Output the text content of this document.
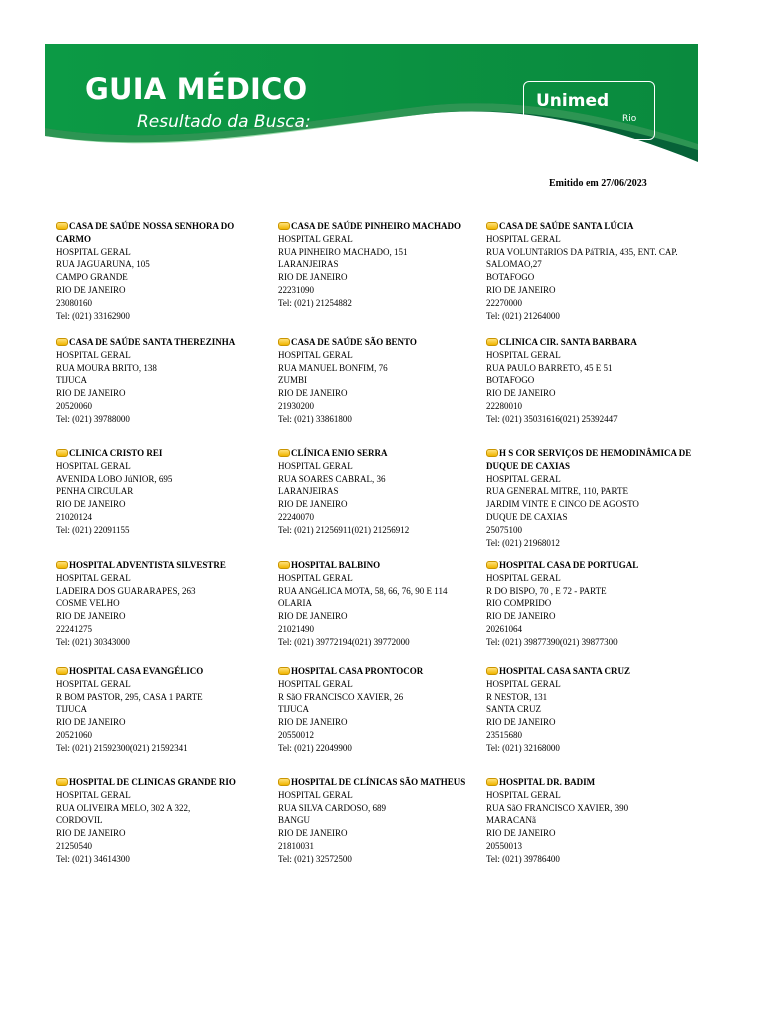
GUIA MÉDICO
Resultado da Busca:
Unimed
Rio
Emitido em 27/06/2023
CASA DE SAÚDE NOSSA SENHORA DO CARMO
HOSPITAL GERAL
RUA JAGUARUNA, 105
CAMPO GRANDE
RIO DE JANEIRO
23080160
Tel: (021) 33162900
CASA DE SAÚDE PINHEIRO MACHADO
HOSPITAL GERAL
RUA PINHEIRO MACHADO, 151
LARANJEIRAS
RIO DE JANEIRO
22231090
Tel: (021) 21254882
CASA DE SAÚDE SANTA LÚCIA
HOSPITAL GERAL
RUA VOLUNTáRIOS DA PáTRIA, 435, ENT. CAP.
SALOMAO,27
BOTAFOGO
RIO DE JANEIRO
22270000
Tel: (021) 21264000
CASA DE SAÚDE SANTA THEREZINHA
HOSPITAL GERAL
RUA MOURA BRITO, 138
TIJUCA
RIO DE JANEIRO
20520060
Tel: (021) 39788000
CASA DE SAÚDE SÃO BENTO
HOSPITAL GERAL
RUA MANUEL BONFIM, 76
ZUMBI
RIO DE JANEIRO
21930200
Tel: (021) 33861800
CLINICA CIR. SANTA BARBARA
HOSPITAL GERAL
RUA PAULO BARRETO, 45 E 51
BOTAFOGO
RIO DE JANEIRO
22280010
Tel: (021) 35031616(021) 25392447
CLINICA CRISTO REI
HOSPITAL GERAL
AVENIDA LOBO JúNIOR, 695
PENHA CIRCULAR
RIO DE JANEIRO
21020124
Tel: (021) 22091155
CLÍNICA ENIO SERRA
HOSPITAL GERAL
RUA SOARES CABRAL, 36
LARANJEIRAS
RIO DE JANEIRO
22240070
Tel: (021) 21256911(021) 21256912
H S COR SERVIÇOS DE HEMODINÂMICA DE DUQUE DE CAXIAS
HOSPITAL GERAL
RUA GENERAL MITRE, 110, PARTE
JARDIM VINTE E CINCO DE AGOSTO
DUQUE DE CAXIAS
25075100
Tel: (021) 21968012
HOSPITAL ADVENTISTA SILVESTRE
HOSPITAL GERAL
LADEIRA DOS GUARARAPES, 263
COSME VELHO
RIO DE JANEIRO
22241275
Tel: (021) 30343000
HOSPITAL BALBINO
HOSPITAL GERAL
RUA ANGéLICA MOTA, 58, 66, 76, 90 E 114
OLARIA
RIO DE JANEIRO
21021490
Tel: (021) 39772194(021) 39772000
HOSPITAL CASA DE PORTUGAL
HOSPITAL GERAL
R DO BISPO, 70 , E 72 - PARTE
RIO COMPRIDO
RIO DE JANEIRO
20261064
Tel: (021) 39877390(021) 39877300
HOSPITAL CASA EVANGÉLICO
HOSPITAL GERAL
R BOM PASTOR, 295, CASA 1 PARTE
TIJUCA
RIO DE JANEIRO
20521060
Tel: (021) 21592300(021) 21592341
HOSPITAL CASA PRONTOCOR
HOSPITAL GERAL
R SãO FRANCISCO XAVIER, 26
TIJUCA
RIO DE JANEIRO
20550012
Tel: (021) 22049900
HOSPITAL CASA SANTA CRUZ
HOSPITAL GERAL
R NESTOR, 131
SANTA CRUZ
RIO DE JANEIRO
23515680
Tel: (021) 32168000
HOSPITAL DE CLINICAS GRANDE RIO
HOSPITAL GERAL
RUA OLIVEIRA MELO, 302 A 322,
CORDOVIL
RIO DE JANEIRO
21250540
Tel: (021) 34614300
HOSPITAL DE CLÍNICAS SÃO MATHEUS
HOSPITAL GERAL
RUA SILVA CARDOSO, 689
BANGU
RIO DE JANEIRO
21810031
Tel: (021) 32572500
HOSPITAL DR. BADIM
HOSPITAL GERAL
RUA SãO FRANCISCO XAVIER, 390
MARACANã
RIO DE JANEIRO
20550013
Tel: (021) 39786400
